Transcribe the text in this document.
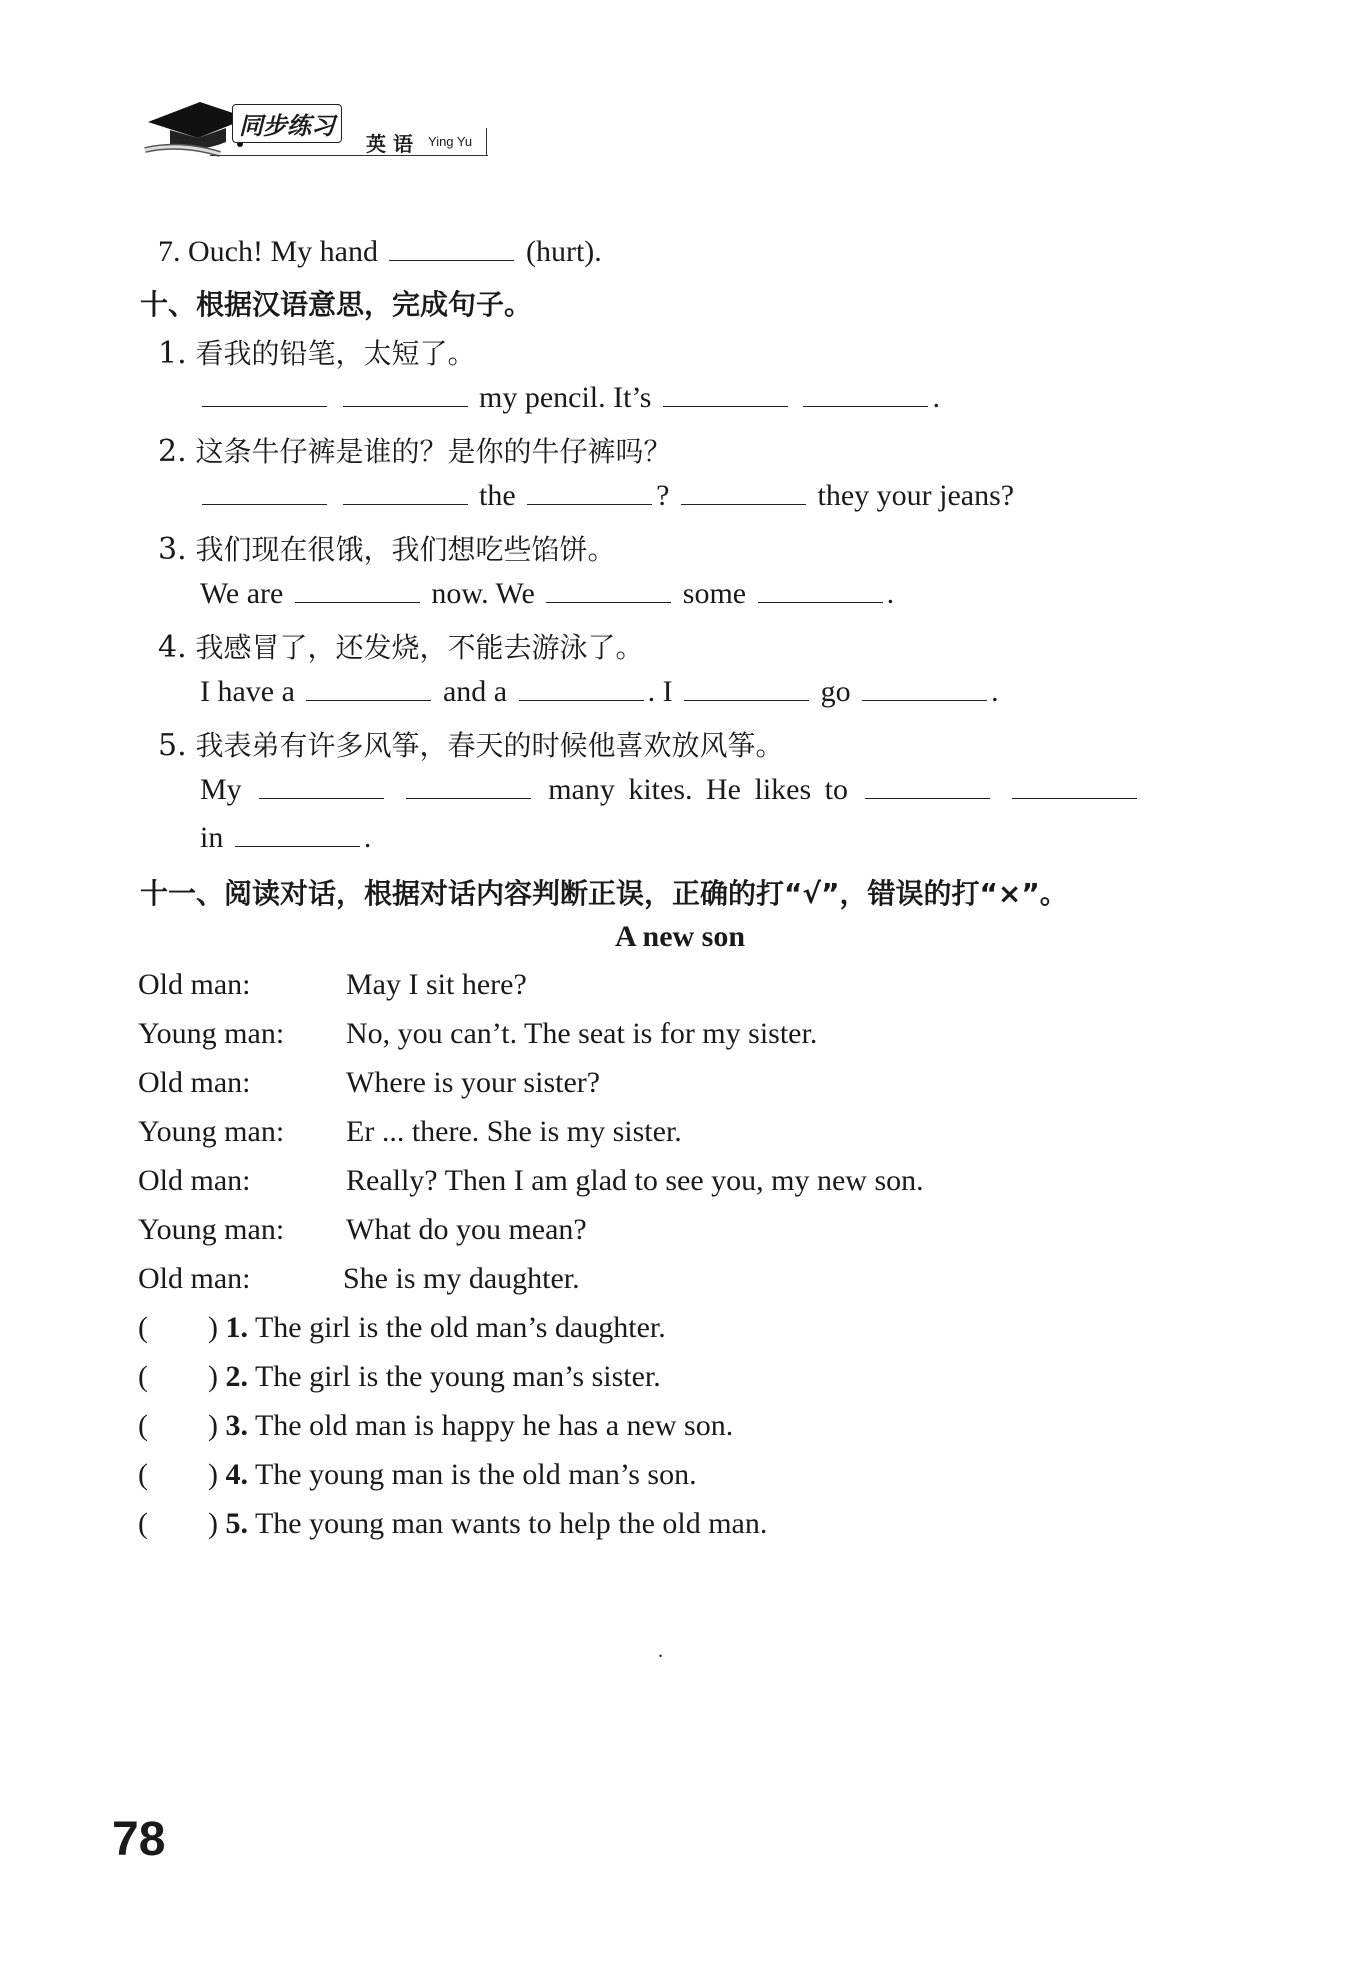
同步练习
英 语 Ying Yu
7. Ouch! My hand	(hurt).
十、根据汉语意思，完成句子。
1. 看我的铅笔，太短了。
my pencil. It’s	.
2. 这条牛仔裤是谁的？是你的牛仔裤吗？
the	?	they your jeans?
3. 我们现在很饿，我们想吃些馅饼。
We are	now. We	some	.
4. 我感冒了，还发烧，不能去游泳了。
I have a	and a	. I	go	.
5. 我表弟有许多风筝，春天的时候他喜欢放风筝。
My	many kites. He likes to
in	.
十一、阅读对话，根据对话内容判断正误，正确的打“√”，错误的打“×”。
A new son
Old man:	May I sit here?
Young man: No, you can’t. The seat is for my sister.
Old man:	Where is your sister?
Young man: Er ... there. She is my sister.
Old man:	Really? Then I am glad to see you, my new son.
Young man: What do you mean?
Old man:	She is my daughter.
( ) 1. The girl is the old man’s daughter.
( ) 2. The girl is the young man’s sister.
( ) 3. The old man is happy he has a new son.
( ) 4. The young man is the old man’s son.
( ) 5. The young man wants to help the old man.
.
78
